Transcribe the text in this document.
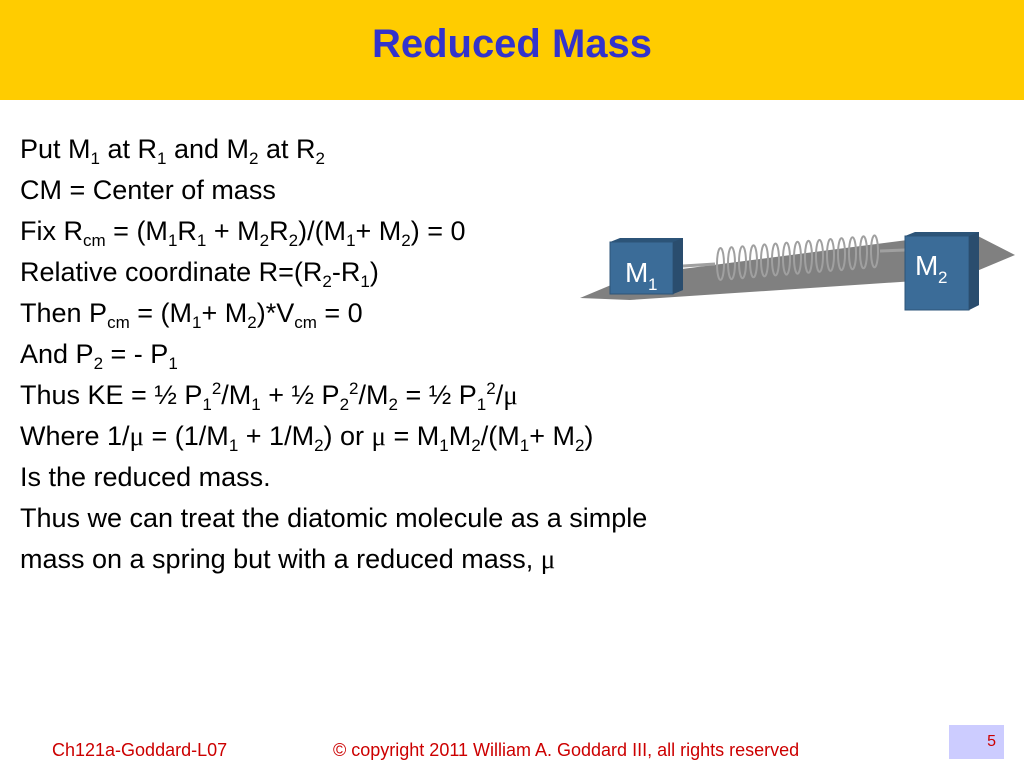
Reduced Mass
Put $M_1$ at $R_1$ and $M_2$ at $R_2$
CM = Center of mass
Fix $R_{cm} = (M_1R_1 + M_2R_2)/(M_1+ M_2) = 0$
Relative coordinate $R=(R_2-R_1)$
Then $P_{cm} = (M_1+ M_2)*V_{cm} = 0$
And $P_2$ = - $P_1$
Thus KE = ½ $P_1^2/M_1$ + ½ $P_2^2/M_2$ = ½ $P_1^2/\mu$
Where $1/\mu = (1/M_1 + 1/M_2)$ or $\mu = M_1M_2/(M_1+ M_2)$
Is the reduced mass.
Thus we can treat the diatomic molecule as a simple
mass on a spring but with a reduced mass, μ
M 1
M 2
Ch121a-Goddard-L07	© copyright 2011 William A. Goddard III, all rights reserved	5
